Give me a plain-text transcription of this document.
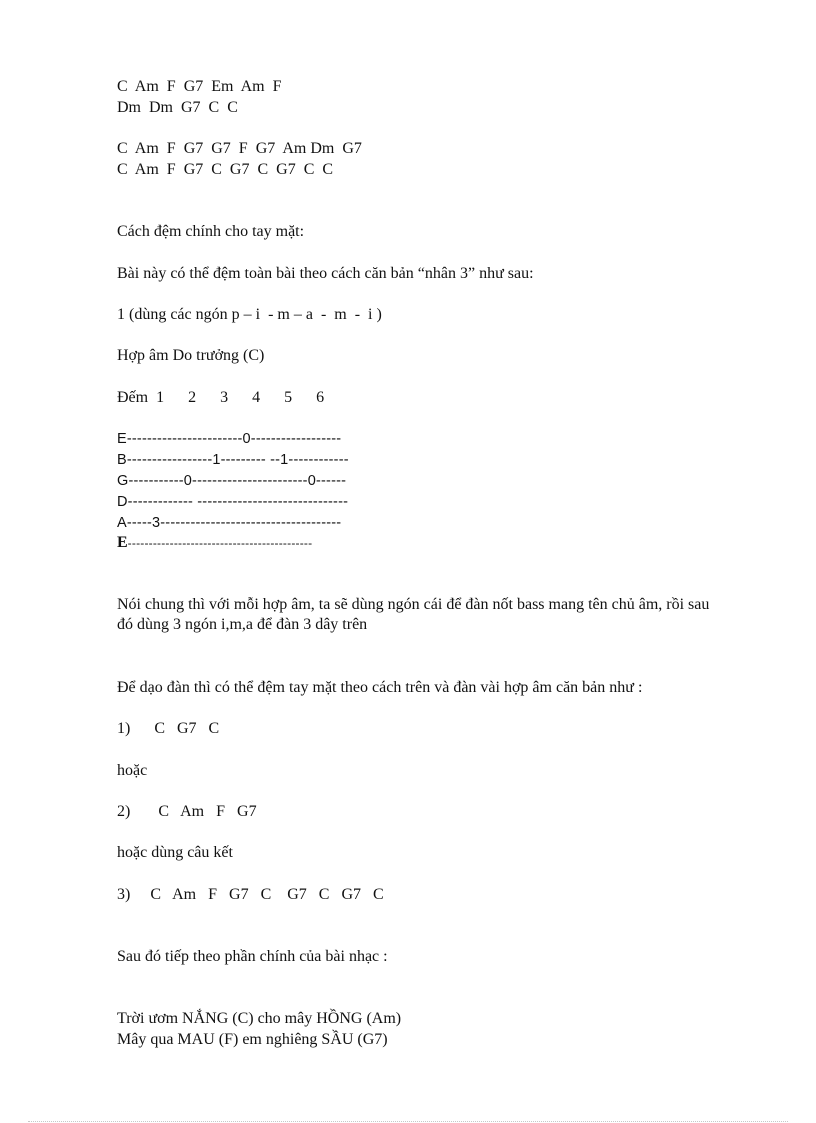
C  Am  F  G7  Em  Am  F
Dm  Dm  G7  C  C
C  Am  F  G7  G7  F  G7  Am Dm  G7
C  Am  F  G7  C  G7  C  G7  C  C
Cách đệm chính cho tay mặt:
Bài này có thể đệm toàn bài theo cách căn bản “nhân 3” như sau:
1 (dùng các ngón p – i  - m – a  -  m  -  i )
Hợp âm Do trưởng (C)
Đếm  1      2      3      4      5      6
E-----------------------0------------------
B-----------------1--------- --1------------
G-----------0-----------------------0------
D------------- ------------------------------
A-----3------------------------------------
E--------------------------------------------
Nói chung thì với mỗi hợp âm, ta sẽ dùng ngón cái để đàn nốt bass mang tên chủ âm, rồi sau đó dùng 3 ngón i,m,a để đàn 3 dây trên
Để dạo đàn thì có thể đệm tay mặt theo cách trên và đàn vài hợp âm căn bản như :
1)      C   G7   C
hoặc
2)       C   Am   F   G7
hoặc dùng câu kết
3)     C   Am   F   G7   C    G7   C   G7   C
Sau đó tiếp theo phần chính của bài nhạc :
Trời ươm NẮNG (C) cho mây HỒNG (Am)
Mây qua MAU (F) em nghiêng SẦU (G7)
